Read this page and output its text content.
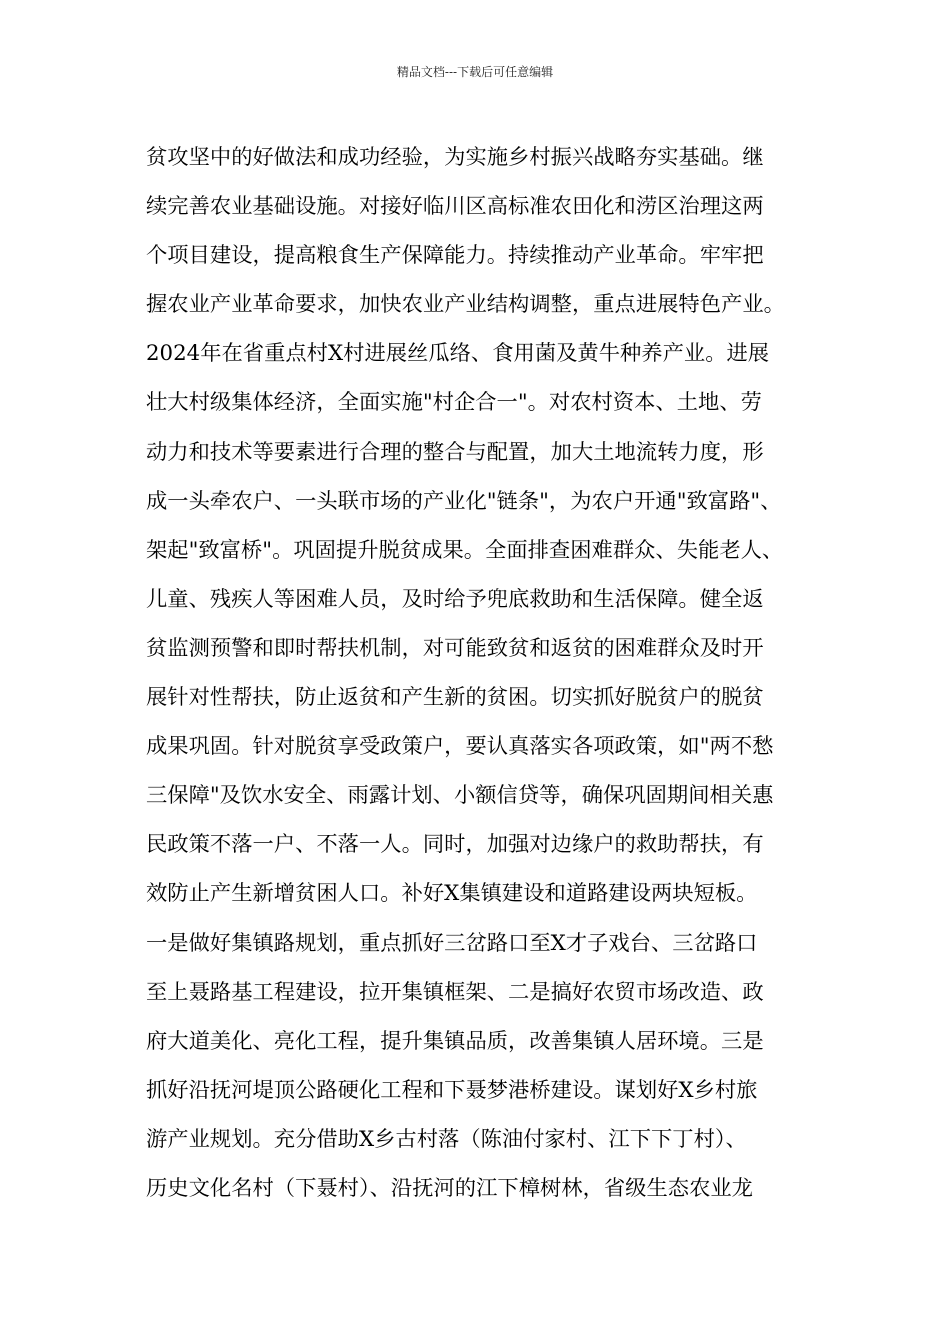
精品文档---下载后可任意编辑
贫攻坚中的好做法和成功经验，为实施乡村振兴战略夯实基础。继
续完善农业基础设施。对接好临川区高标准农田化和涝区治理这两
个项目建设，提高粮食生产保障能力。持续推动产业革命。牢牢把
握农业产业革命要求，加快农业产业结构调整，重点进展特色产业。
2024年在省重点村X村进展丝瓜络、食用菌及黄牛种养产业。进展
壮大村级集体经济，全面实施"村企合一"。对农村资本、土地、劳
动力和技术等要素进行合理的整合与配置，加大土地流转力度，形
成一头牵农户、一头联市场的产业化"链条"，为农户开通"致富路"、
架起"致富桥"。巩固提升脱贫成果。全面排查困难群众、失能老人、
儿童、残疾人等困难人员，及时给予兜底救助和生活保障。健全返
贫监测预警和即时帮扶机制，对可能致贫和返贫的困难群众及时开
展针对性帮扶，防止返贫和产生新的贫困。切实抓好脱贫户的脱贫
成果巩固。针对脱贫享受政策户，要认真落实各项政策，如"两不愁
三保障"及饮水安全、雨露计划、小额信贷等，确保巩固期间相关惠
民政策不落一户、不落一人。同时，加强对边缘户的救助帮扶，有
效防止产生新增贫困人口。补好X集镇建设和道路建设两块短板。
一是做好集镇路规划，重点抓好三岔路口至X才子戏台、三岔路口
至上聂路基工程建设，拉开集镇框架、二是搞好农贸市场改造、政
府大道美化、亮化工程，提升集镇品质，改善集镇人居环境。三是
抓好沿抚河堤顶公路硬化工程和下聂梦港桥建设。谋划好X乡村旅
游产业规划。充分借助X乡古村落（陈油付家村、江下下丁村）、
历史文化名村（下聂村）、沿抚河的江下樟树林，省级生态农业龙
